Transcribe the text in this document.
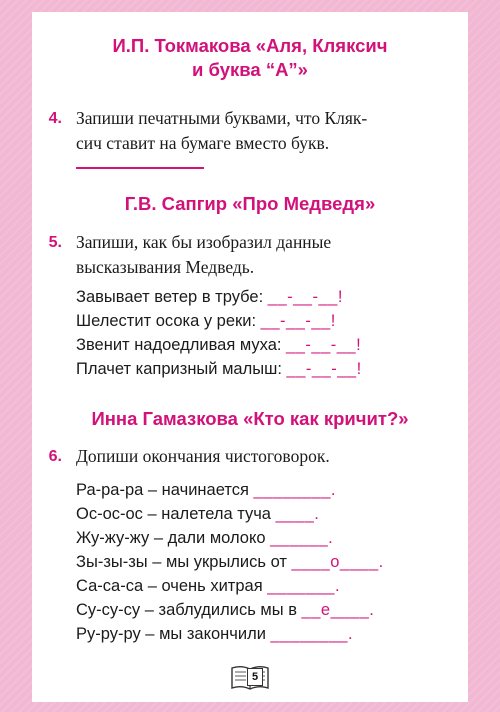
И.П. Токмакова «Аля, Кляксич
и буква “А”»
4. Запиши печатными буквами, что Кляк-
сич ставит на бумаге вместо букв.
Г.В. Сапгир «Про Медведя»
5. Запиши, как бы изобразил данные
высказывания Медведь.
Завывает ветер в трубе: __-__-__!
Шелестит осока у реки: __-__-__!
Звенит надоедливая муха: __-__-__!
Плачет капризный малыш: __-__-__!
Инна Гамазкова «Кто как кричит?»
6. Допиши окончания чистоговорок.
Ра-ра-ра – начинается ________.
Ос-ос-ос – налетела туча ____.
Жу-жу-жу – дали молоко ______.
Зы-зы-зы – мы укрылись от ____о____.
Са-са-са – очень хитрая _______.
Су-су-су – заблудились мы в __е____.
Ру-ру-ру – мы закончили ________.
5
